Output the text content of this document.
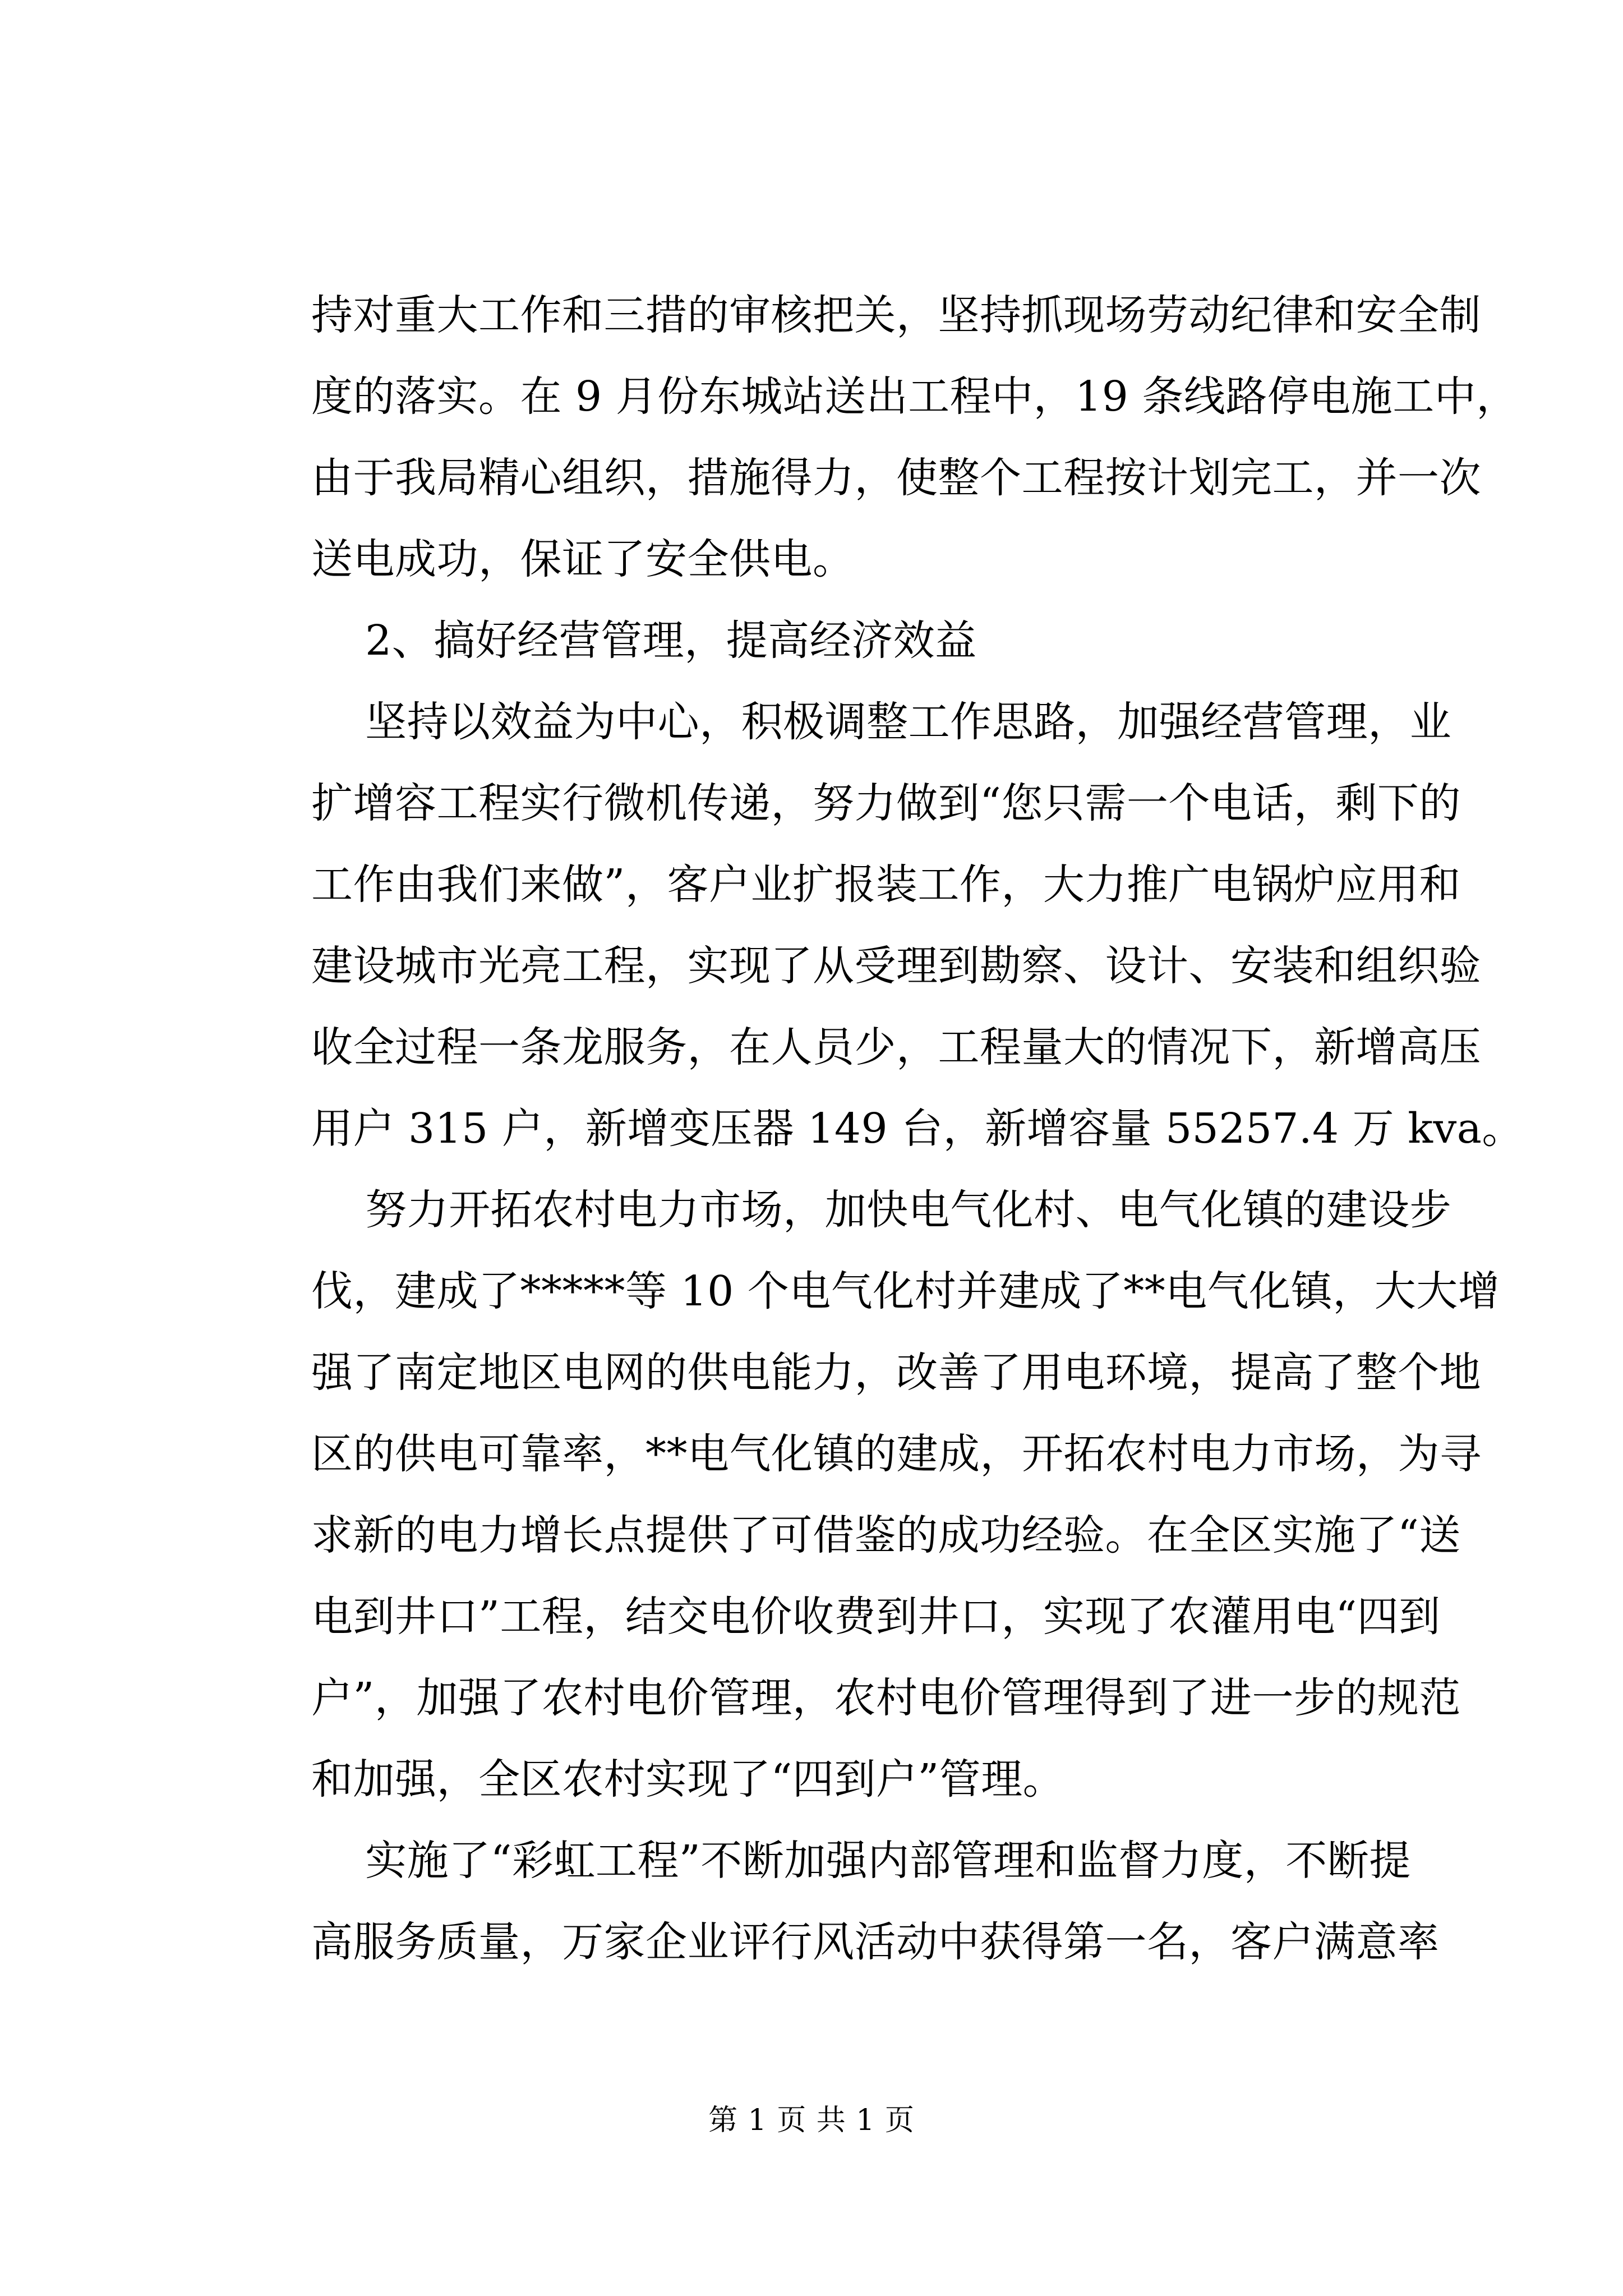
持对重大工作和三措的审核把关，坚持抓现场劳动纪律和安全制
度的落实。在 9 月份东城站送出工程中，19 条线路停电施工中，
由于我局精心组织，措施得力，使整个工程按计划完工，并一次
送电成功，保证了安全供电。
2、搞好经营管理，提高经济效益
坚持以效益为中心，积极调整工作思路，加强经营管理，业
扩增容工程实行微机传递，努力做到“您只需一个电话，剩下的
工作由我们来做”，客户业扩报装工作，大力推广电锅炉应用和
建设城市光亮工程，实现了从受理到勘察、设计、安装和组织验
收全过程一条龙服务，在人员少，工程量大的情况下，新增高压
用户 315 户，新增变压器 149 台，新增容量 55257.4 万 kva。
努力开拓农村电力市场，加快电气化村、电气化镇的建设步
伐，建成了*****等 10 个电气化村并建成了**电气化镇，大大增
强了南定地区电网的供电能力，改善了用电环境，提高了整个地
区的供电可靠率，**电气化镇的建成，开拓农村电力市场，为寻
求新的电力增长点提供了可借鉴的成功经验。在全区实施了“送
电到井口”工程，结交电价收费到井口，实现了农灌用电“四到
户”，加强了农村电价管理，农村电价管理得到了进一步的规范
和加强，全区农村实现了“四到户”管理。
实施了“彩虹工程”不断加强内部管理和监督力度，不断提
高服务质量，万家企业评行风活动中获得第一名，客户满意率
第 1 页 共 1 页
